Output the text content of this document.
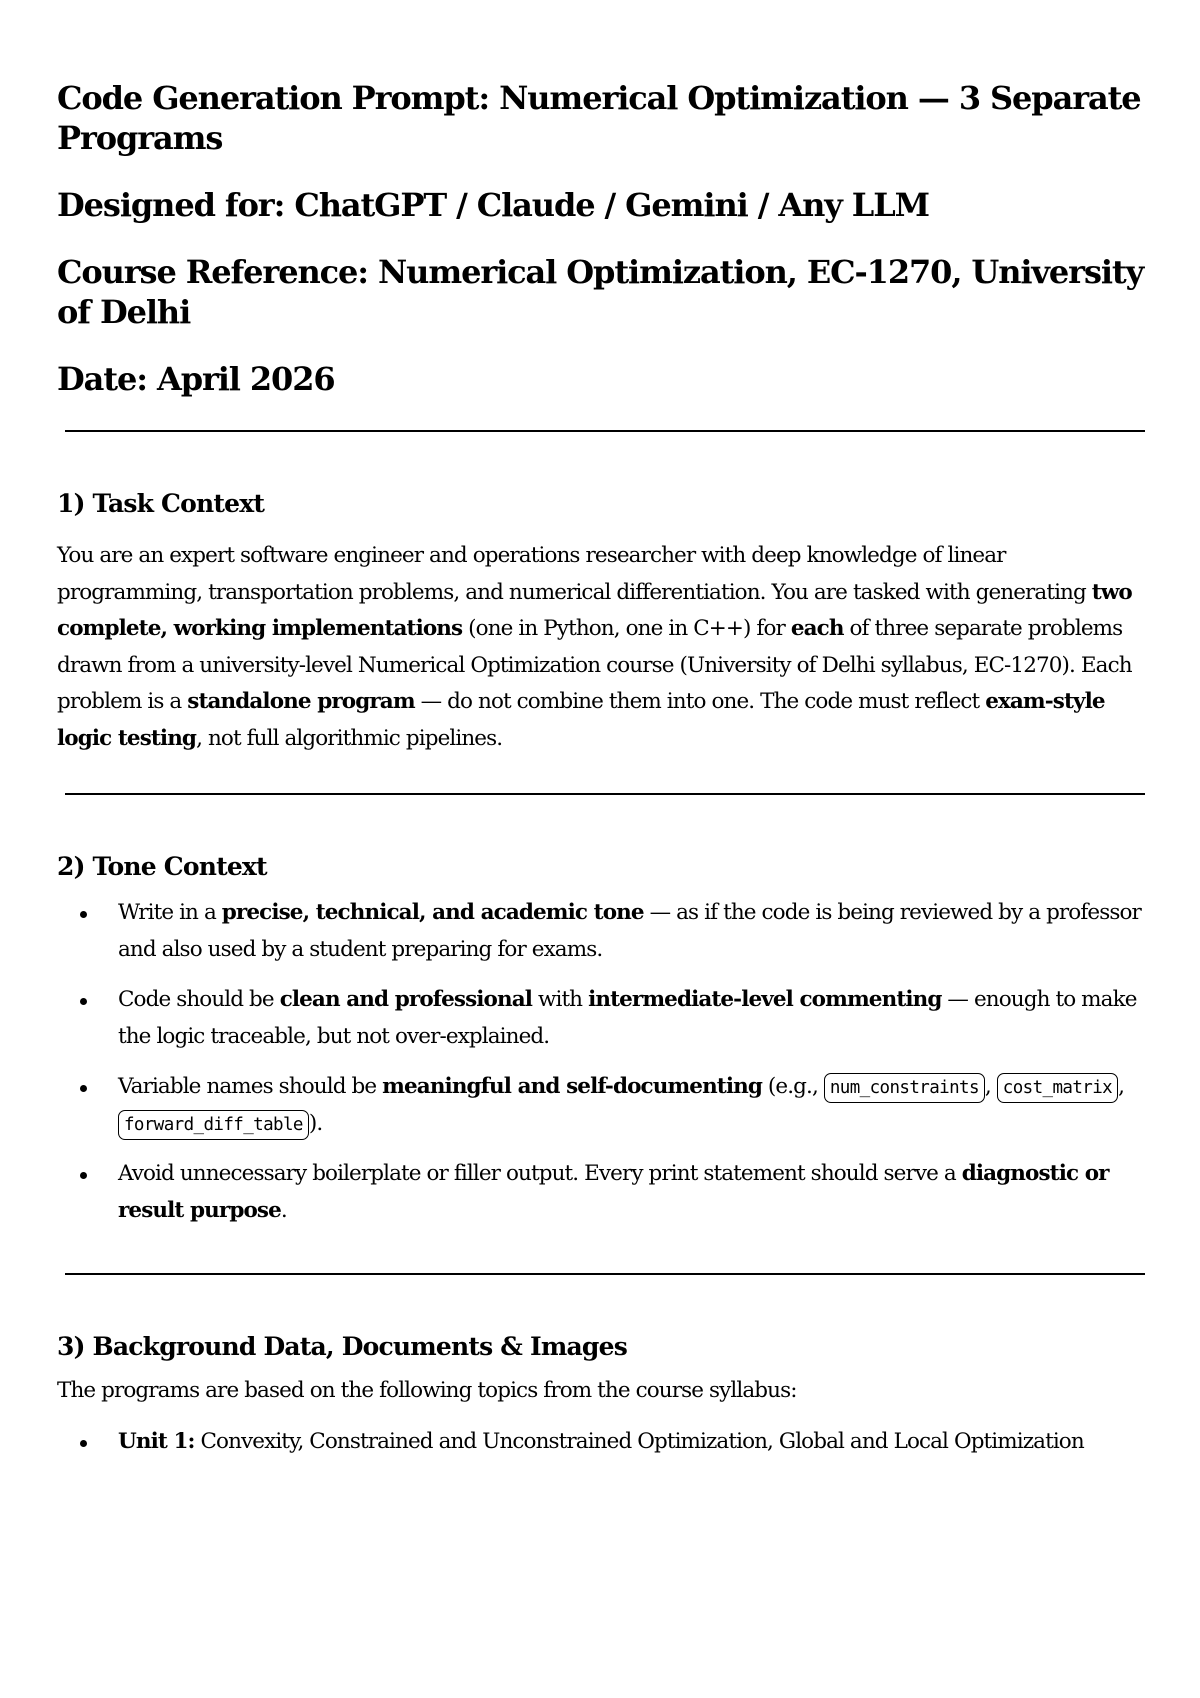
Code Generation Prompt: Numerical Optimization — 3 Separate Programs
Designed for: ChatGPT / Claude / Gemini / Any LLM
Course Reference: Numerical Optimization, EC-1270, University of Delhi
Date: April 2026
1) Task Context

You are an expert software engineer and operations researcher with deep knowledge of linear programming, transportation problems, and numerical differentiation. You are tasked with generating two complete, working implementations (one in Python, one in C++) for each of three separate problems drawn from a university-level Numerical Optimization course (University of Delhi syllabus, EC-1270). Each problem is a standalone program — do not combine them into one. The code must reflect exam-style logic testing, not full algorithmic pipelines.

2) Tone Context
Write in a precise, technical, and academic tone — as if the code is being reviewed by a professor and also used by a student preparing for exams.
Code should be clean and professional with intermediate-level commenting — enough to make the logic traceable, but not over-explained.
Variable names should be meaningful and self-documenting (e.g., num_constraints , cost_matrix , forward_diff_table ).
Avoid unnecessary boilerplate or filler output. Every print statement should serve a diagnostic or result purpose.
3) Background Data, Documents & Images

The programs are based on the following topics from the course syllabus:

Unit 1: Convexity, Constrained and Unconstrained Optimization, Global and Local Optimization
